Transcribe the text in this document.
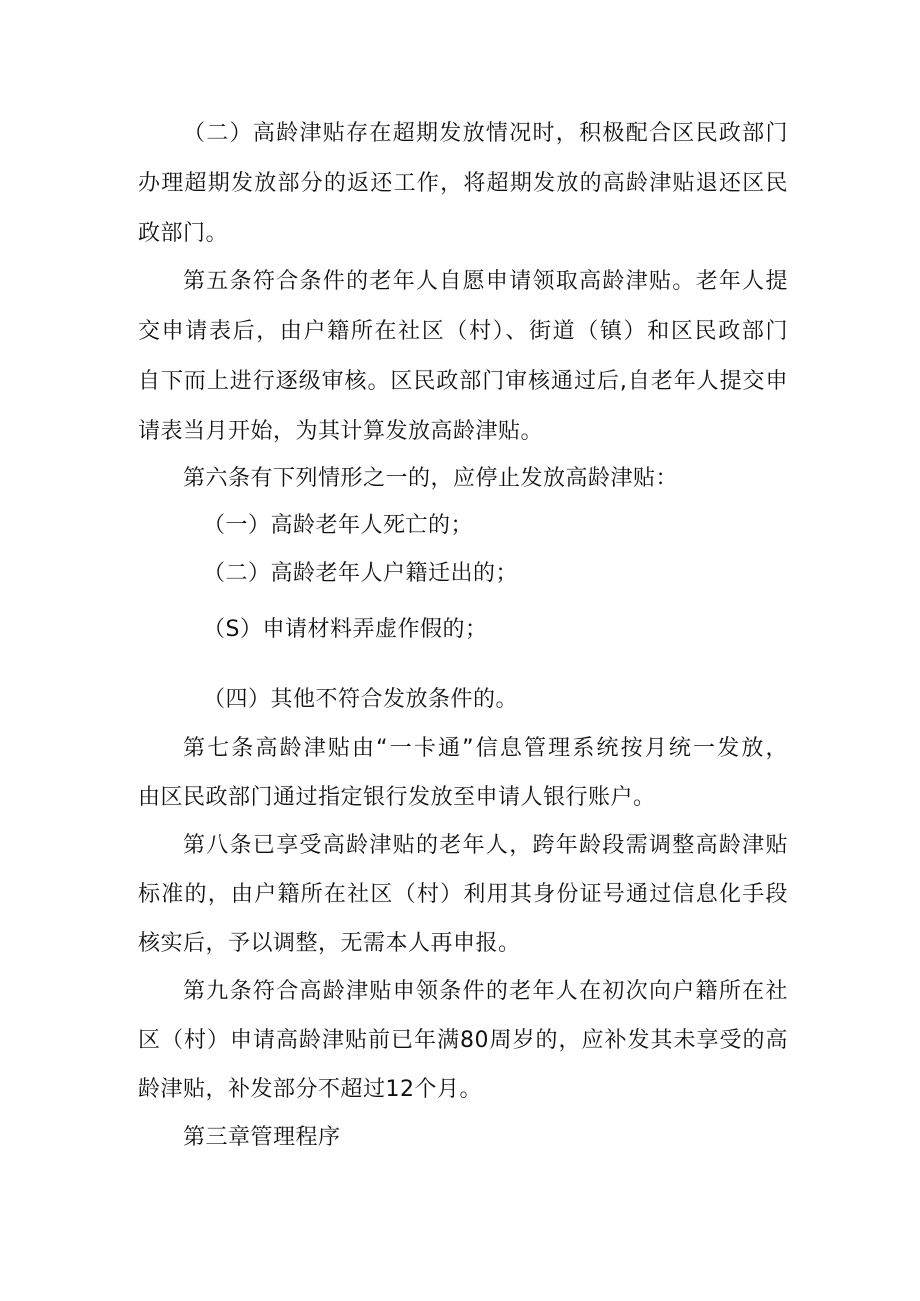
（二）高龄津贴存在超期发放情况时，积极配合区民政部门
办理超期发放部分的返还工作，将超期发放的高龄津贴退还区民
政部门。
第五条符合条件的老年人自愿申请领取高龄津贴。老年人提
交申请表后，由户籍所在社区（村）、街道（镇）和区民政部门
自下而上进行逐级审核。区民政部门审核通过后,自老年人提交申
请表当月开始，为其计算发放高龄津贴。
第六条有下列情形之一的，应停止发放高龄津贴：
（一）高龄老年人死亡的；
（二）高龄老年人户籍迁出的；
（S）申请材料弄虚作假的；
（四）其他不符合发放条件的。
第七条高龄津贴由“一卡通”信息管理系统按月统一发放，
由区民政部门通过指定银行发放至申请人银行账户。
第八条已享受高龄津贴的老年人，跨年龄段需调整高龄津贴
标准的，由户籍所在社区（村）利用其身份证号通过信息化手段
核实后，予以调整，无需本人再申报。
第九条符合高龄津贴申领条件的老年人在初次向户籍所在社
区（村）申请高龄津贴前已年满80周岁的，应补发其未享受的高
龄津贴，补发部分不超过12个月。
第三章管理程序
